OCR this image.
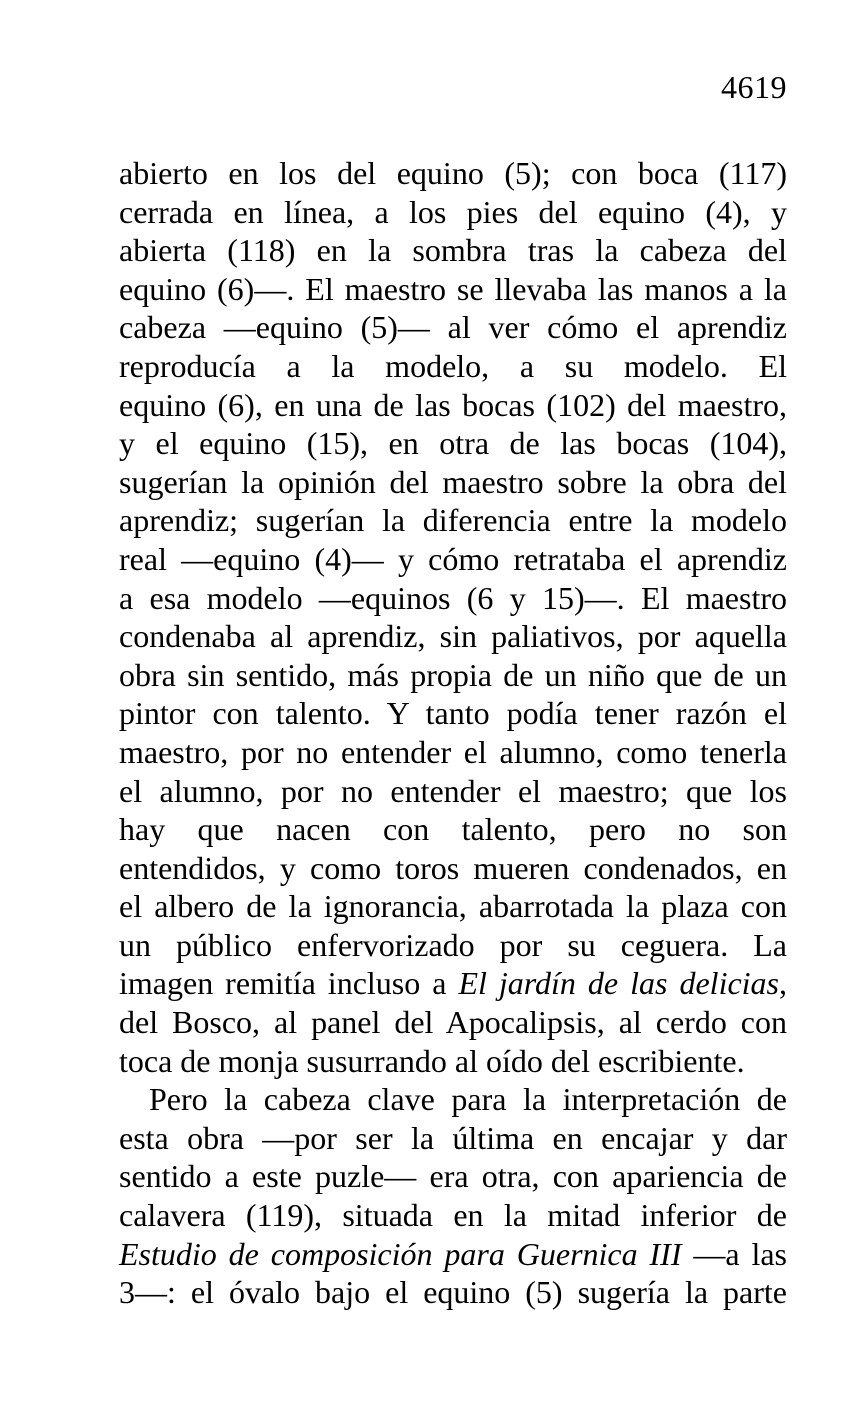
4619
abierto en los del equino (5); con boca (117)
cerrada en línea, a los pies del equino (4), y
abierta (118) en la sombra tras la cabeza del
equino (6)—. El maestro se llevaba las manos a la
cabeza —equino (5)— al ver cómo el aprendiz
reproducía a la modelo, a su modelo. El
equino (6), en una de las bocas (102) del maestro,
y el equino (15), en otra de las bocas (104),
sugerían la opinión del maestro sobre la obra del
aprendiz; sugerían la diferencia entre la modelo
real —equino (4)— y cómo retrataba el aprendiz
a esa modelo —equinos (6 y 15)—. El maestro
condenaba al aprendiz, sin paliativos, por aquella
obra sin sentido, más propia de un niño que de un
pintor con talento. Y tanto podía tener razón el
maestro, por no entender el alumno, como tenerla
el alumno, por no entender el maestro; que los
hay que nacen con talento, pero no son
entendidos, y como toros mueren condenados, en
el albero de la ignorancia, abarrotada la plaza con
un público enfervorizado por su ceguera. La
imagen remitía incluso a El jardín de las delicias,
del Bosco, al panel del Apocalipsis, al cerdo con
toca de monja susurrando al oído del escribiente.
Pero la cabeza clave para la interpretación de
esta obra —por ser la última en encajar y dar
sentido a este puzle— era otra, con apariencia de
calavera (119), situada en la mitad inferior de
Estudio de composición para Guernica III —a las
3—: el óvalo bajo el equino (5) sugería la parte
